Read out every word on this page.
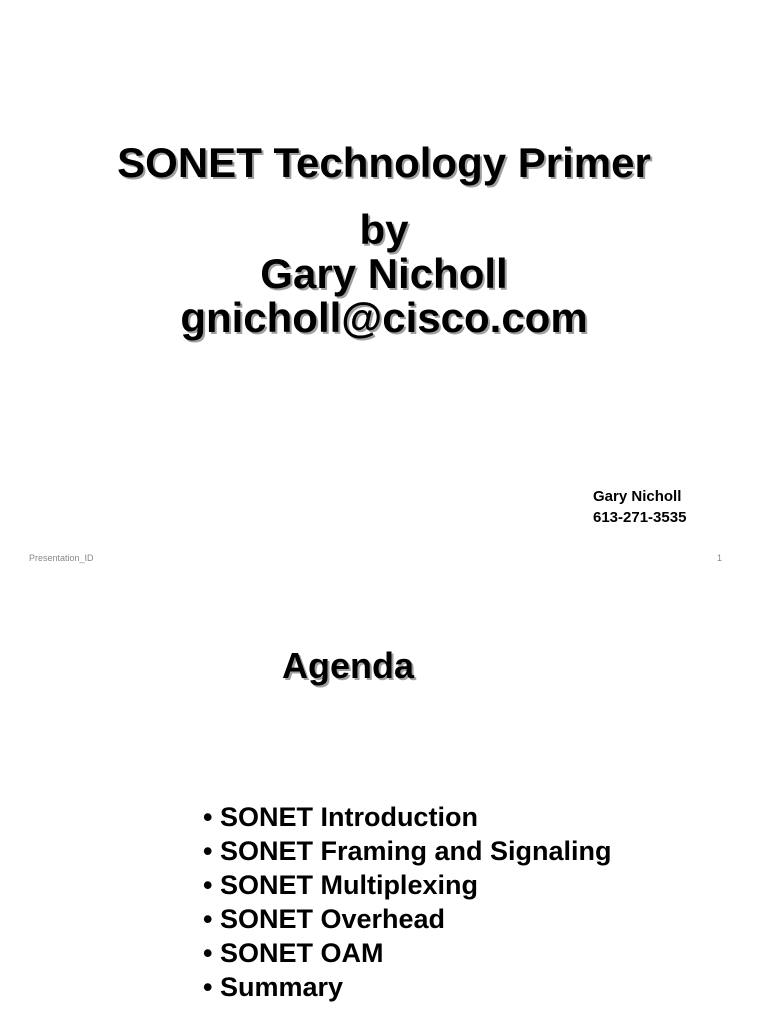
SONET Technology Primer
by
Gary Nicholl
gnicholl@cisco.com
Gary Nicholl
613-271-3535
Presentation_ID	1
Agenda
• SONET Introduction
• SONET Framing and Signaling
• SONET Multiplexing
• SONET Overhead
• SONET OAM
• Summary
